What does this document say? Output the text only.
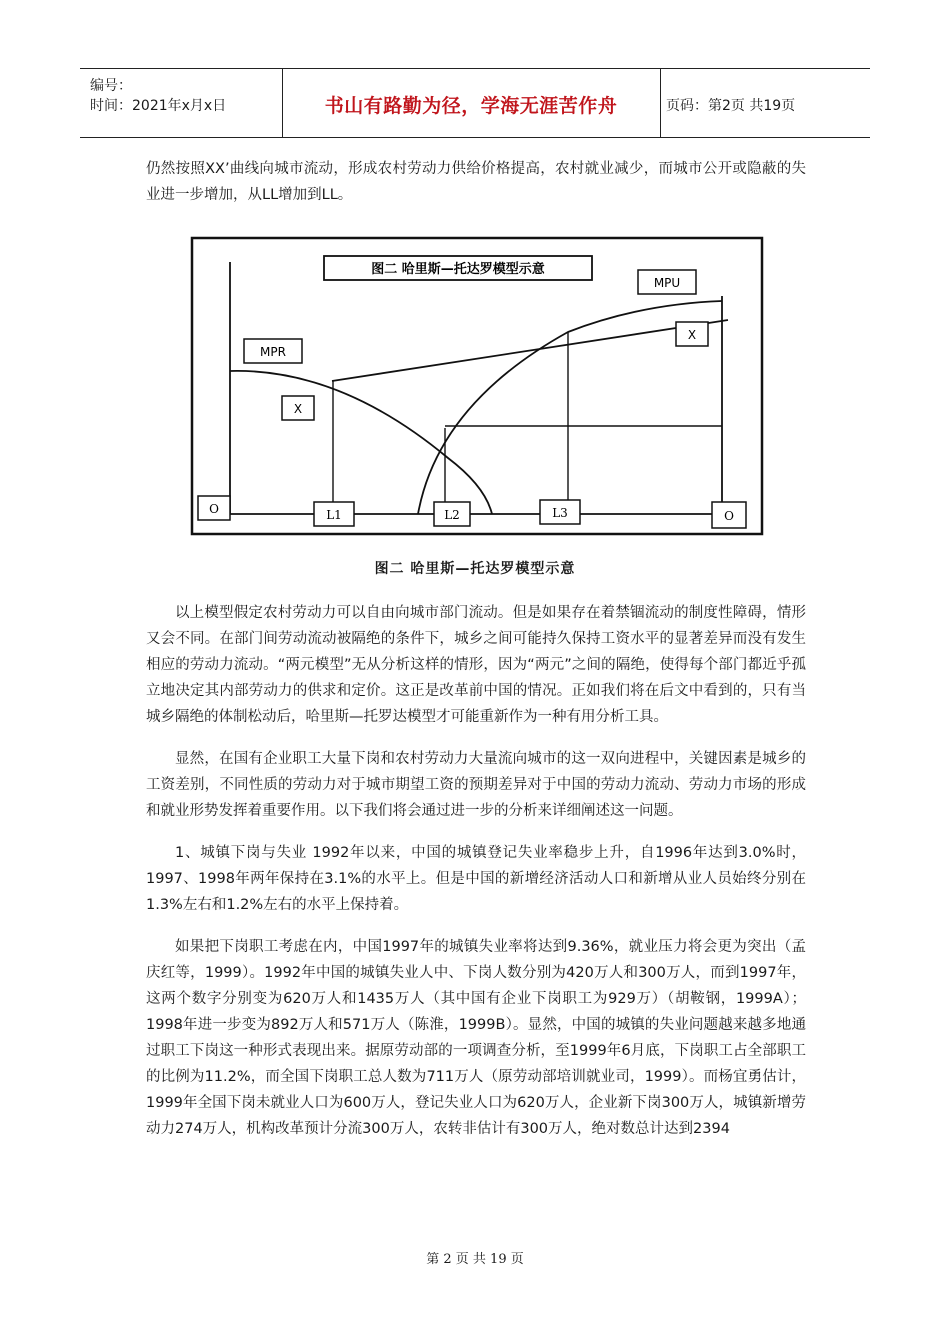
编号：
时间：2021年x月x日	书山有路勤为径，学海无涯苦作舟	页码：第2页 共19页

仍然按照XX’曲线向城市流动，形成农村劳动力供给价格提高，农村就业减少，而城市公开或隐蔽的失业进一步增加，从LL增加到LL。

图二 哈里斯—托达罗模型示意
MPR
MPU
X
X
O	O
L1	L2	L3
图二 哈里斯—托达罗模型示意

以上模型假定农村劳动力可以自由向城市部门流动。但是如果存在着禁锢流动的制度性障碍，情形又会不同。在部门间劳动流动被隔绝的条件下，城乡之间可能持久保持工资水平的显著差异而没有发生相应的劳动力流动。“两元模型”无从分析这样的情形，因为“两元”之间的隔绝，使得每个部门都近乎孤立地决定其内部劳动力的供求和定价。这正是改革前中国的情况。正如我们将在后文中看到的，只有当城乡隔绝的体制松动后，哈里斯—托罗达模型才可能重新作为一种有用分析工具。

显然，在国有企业职工大量下岗和农村劳动力大量流向城市的这一双向进程中，关键因素是城乡的工资差别，不同性质的劳动力对于城市期望工资的预期差异对于中国的劳动力流动、劳动力市场的形成和就业形势发挥着重要作用。以下我们将会通过进一步的分析来详细阐述这一问题。

1、城镇下岗与失业 1992年以来，中国的城镇登记失业率稳步上升，自1996年达到3.0%时，1997、1998年两年保持在3.1%的水平上。但是中国的新增经济活动人口和新增从业人员始终分别在1.3%左右和1.2%左右的水平上保持着。

如果把下岗职工考虑在内，中国1997年的城镇失业率将达到9.36%，就业压力将会更为突出（孟庆红等，1999）。1992年中国的城镇失业人中、下岗人数分别为420万人和300万人，而到1997年，这两个数字分别变为620万人和1435万人（其中国有企业下岗职工为929万）（胡鞍钢，1999A）；1998年进一步变为892万人和571万人（陈淮，1999B）。显然，中国的城镇的失业问题越来越多地通过职工下岗这一种形式表现出来。据原劳动部的一项调查分析，至1999年6月底，下岗职工占全部职工的比例为11.2%，而全国下岗职工总人数为711万人（原劳动部培训就业司，1999）。而杨宜勇估计，1999年全国下岗未就业人口为600万人，登记失业人口为620万人，企业新下岗300万人，城镇新增劳动力274万人，机构改革预计分流300万人，农转非估计有300万人，绝对数总计达到2394

第 2 页 共 19 页
